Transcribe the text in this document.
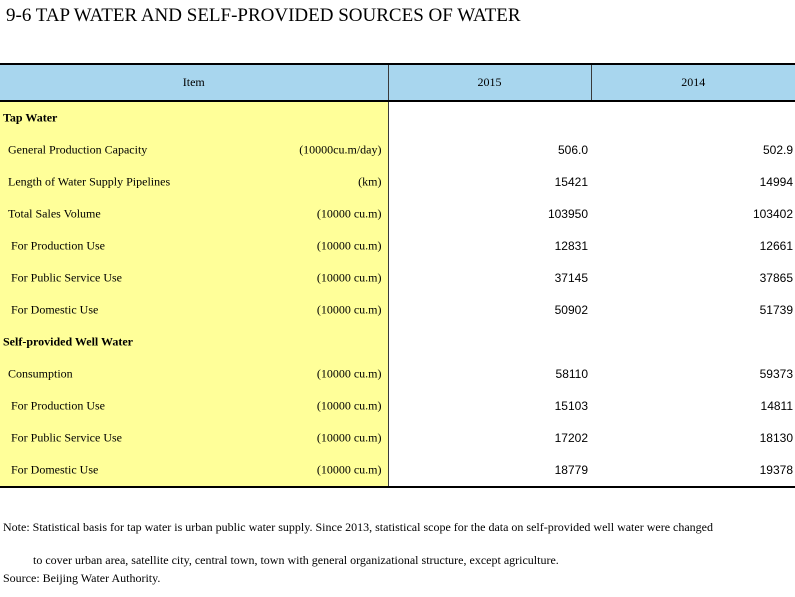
9-6 TAP WATER AND SELF-PROVIDED SOURCES OF WATER
Item	2015	2014

Tap Water		

General Production Capacity (10000cu.m/day)	506.0	502.9

Length of Water Supply Pipelines (km)	15421	14994

Total Sales Volume (10000 cu.m)	103950	103402

For Production Use (10000 cu.m)	12831	12661

For Public Service Use (10000 cu.m)	37145	37865

For Domestic Use (10000 cu.m)	50902	51739

Self-provided Well Water		

Consumption (10000 cu.m)	58110	59373

For Production Use (10000 cu.m)	15103	14811

For Public Service Use (10000 cu.m)	17202	18130

For Domestic Use (10000 cu.m)	18779	19378
Note: Statistical basis for tap water is urban public water supply. Since 2013, statistical scope for the data on self-provided well water were changed
to cover urban area, satellite city, central town, town with general organizational structure, except agriculture.
Source: Beijing Water Authority.
